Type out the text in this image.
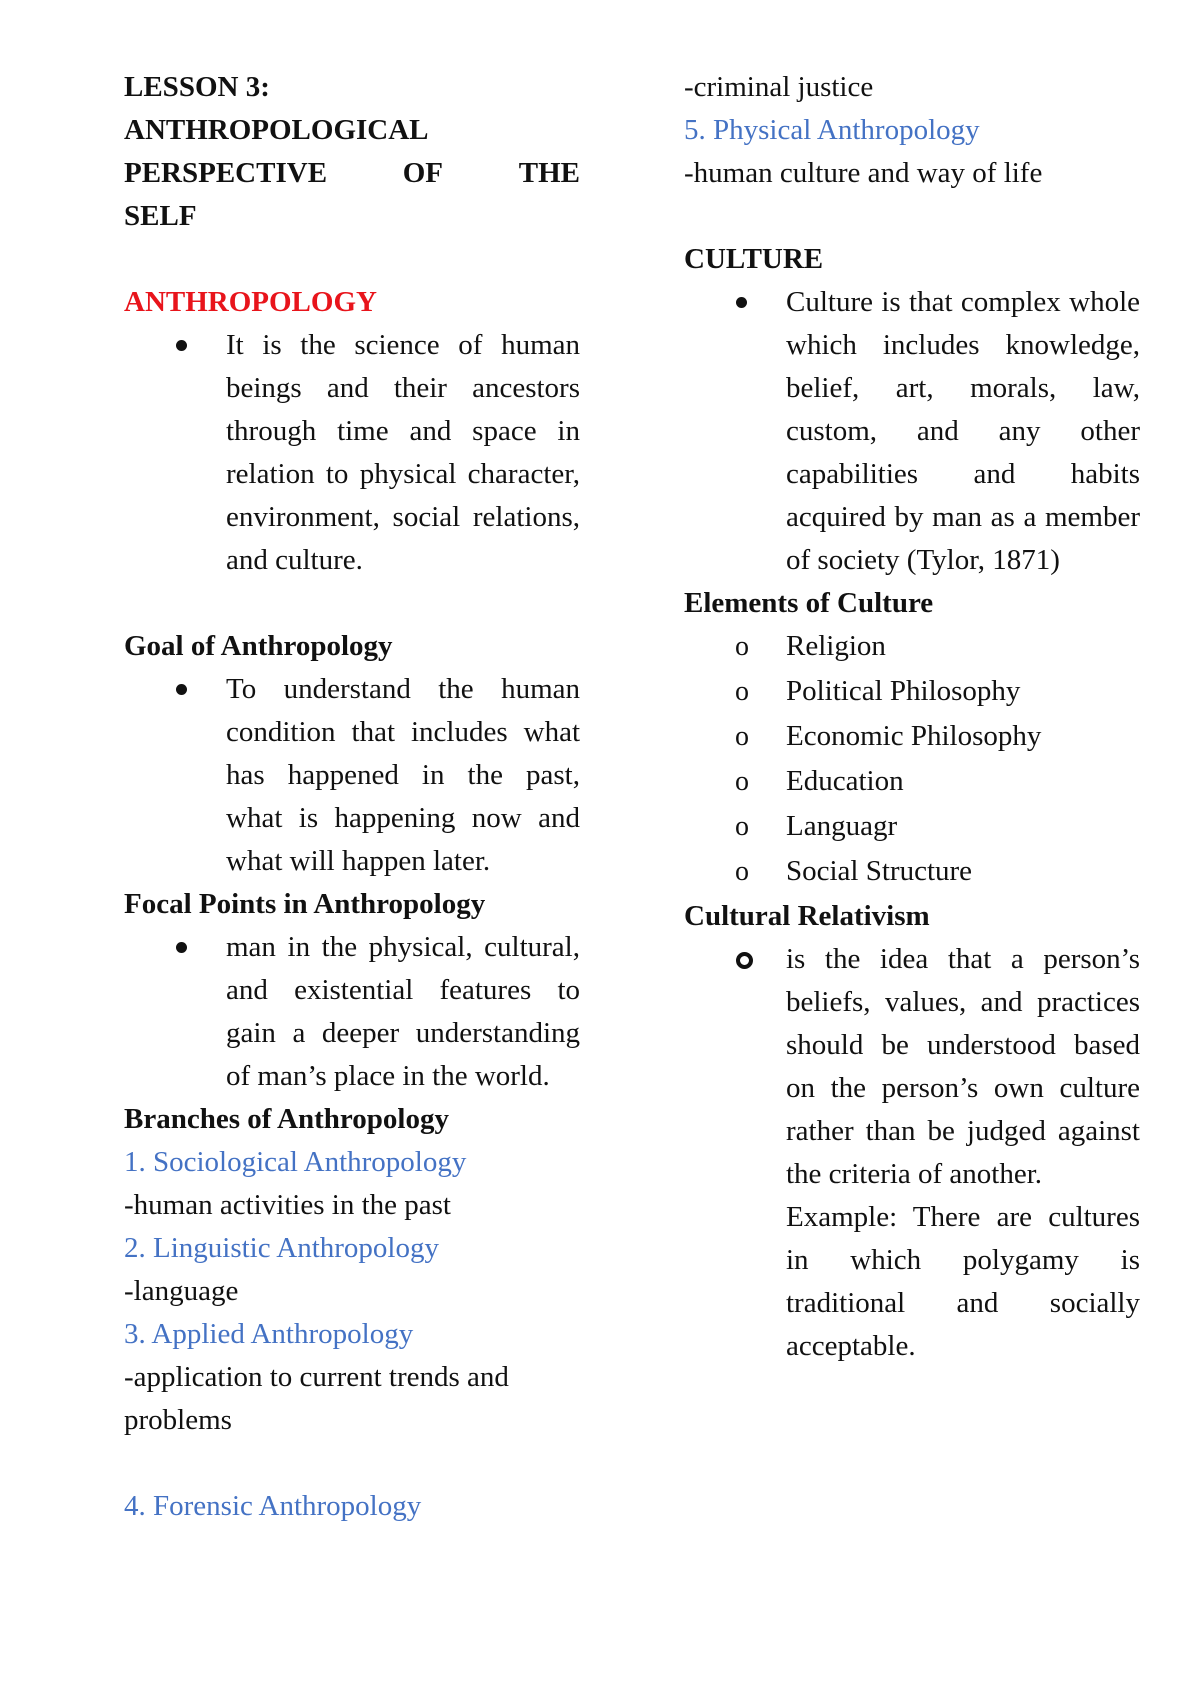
LESSON 3:
ANTHROPOLOGICAL
PERSPECTIVE	OF	THE
SELF

ANTHROPOLOGY

It is the science of human beings and their ancestors through time and space in relation to physical character, environment, social relations, and culture.

Goal of Anthropology

To understand the human condition that includes what has happened in the past, what is happening now and what will happen later.

Focal Points in Anthropology

man in the physical, cultural, and existential features to gain a deeper understanding of man’s place in the world.

Branches of Anthropology

1. Sociological Anthropology

-human activities in the past

2. Linguistic Anthropology

-language

3. Applied Anthropology

-application to current trends and problems

4. Forensic Anthropology

-criminal justice

5. Physical Anthropology

-human culture and way of life

CULTURE

Culture is that complex whole which includes knowledge, belief, art, morals, law, custom, and any other capabilities and habits acquired by man as a member of society (Tylor, 1871)

Elements of Culture

o Religion
o Political Philosophy
o Economic Philosophy
o Education
o Languagr
o Social Structure

Cultural Relativism

is the idea that a person’s beliefs, values, and practices should be understood based on the person’s own culture rather than be judged against the criteria of another.
Example: There are cultures in which polygamy is traditional and socially acceptable.
